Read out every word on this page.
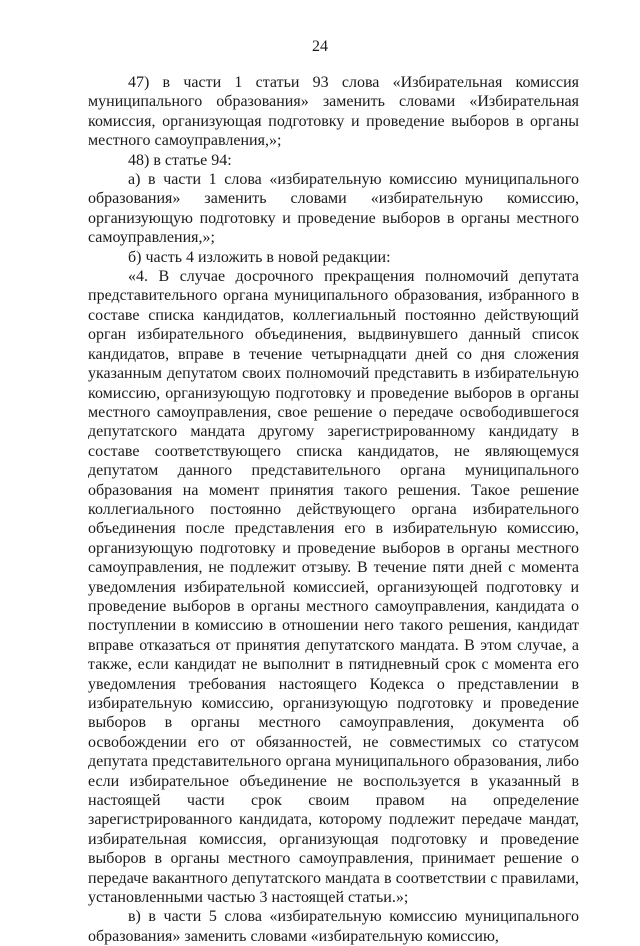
24

47) в части 1 статьи 93 слова «Избирательная комиссия муниципального образования» заменить словами «Избирательная комиссия, организующая подготовку и проведение выборов в органы местного самоуправления,»;

48) в статье 94:

а) в части 1 слова «избирательную комиссию муниципального образования» заменить словами «избирательную комиссию, организующую подготовку и проведение выборов в органы местного самоуправления,»;

б) часть 4 изложить в новой редакции:

«4. В случае досрочного прекращения полномочий депутата представительного органа муниципального образования, избранного в составе списка кандидатов, коллегиальный постоянно действующий орган избирательного объединения, выдвинувшего данный список кандидатов, вправе в течение четырнадцати дней со дня сложения указанным депутатом своих полномочий представить в избирательную комиссию, организующую подготовку и проведение выборов в органы местного самоуправления, свое решение о передаче освободившегося депутатского мандата другому зарегистрированному кандидату в составе соответствующего списка кандидатов, не являющемуся депутатом данного представительного органа муниципального образования на момент принятия такого решения. Такое решение коллегиального постоянно действующего органа избирательного объединения после представления его в избирательную комиссию, организующую подготовку и проведение выборов в органы местного самоуправления, не подлежит отзыву. В течение пяти дней с момента уведомления избирательной комиссией, организующей подготовку и проведение выборов в органы местного самоуправления, кандидата о поступлении в комиссию в отношении него такого решения, кандидат вправе отказаться от принятия депутатского мандата. В этом случае, а также, если кандидат не выполнит в пятидневный срок с момента его уведомления требования настоящего Кодекса о представлении в избирательную комиссию, организующую подготовку и проведение выборов в органы местного самоуправления, документа об освобождении его от обязанностей, не совместимых со статусом депутата представительного органа муниципального образования, либо если избирательное объединение не воспользуется в указанный в настоящей части срок своим правом на определение зарегистрированного кандидата, которому подлежит передаче мандат, избирательная комиссия, организующая подготовку и проведение выборов в органы местного самоуправления, принимает решение о передаче вакантного депутатского мандата в соответствии с правилами, установленными частью 3 настоящей статьи.»;

в) в части 5 слова «избирательную комиссию муниципального образования» заменить словами «избирательную комиссию,
